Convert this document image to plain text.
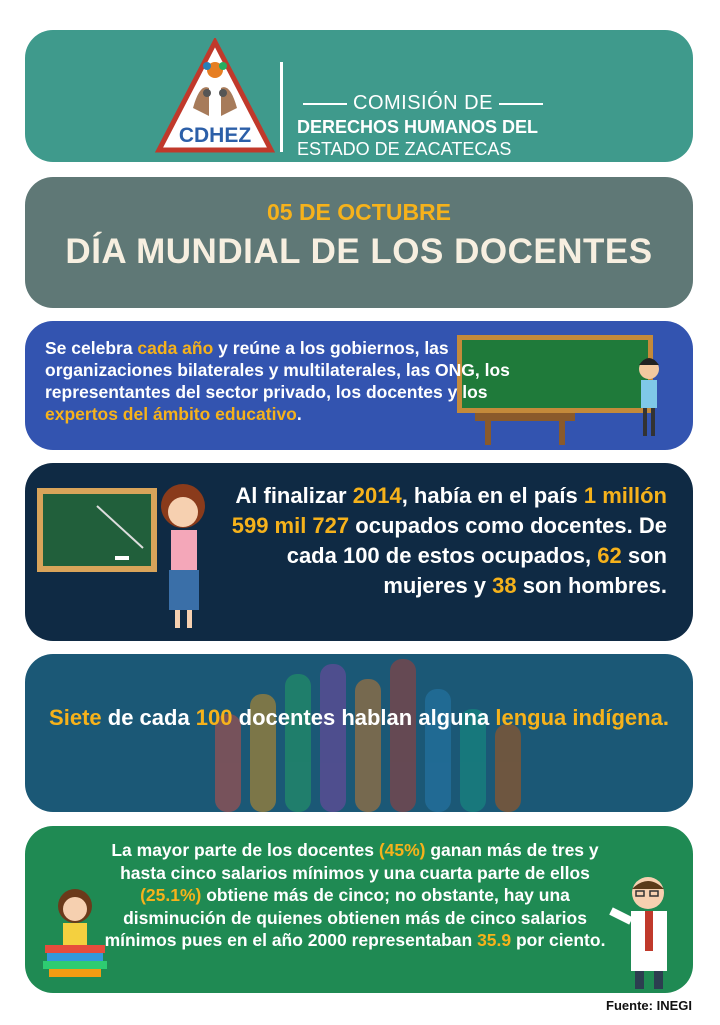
CDHEZ
COMISIÓN DE
DERECHOS HUMANOS DEL
ESTADO DE ZACATECAS
05 DE OCTUBRE
DÍA MUNDIAL DE LOS DOCENTES
Se celebra cada año y reúne a los gobiernos, las organizaciones bilaterales y multilaterales, las ONG, los representantes del sector privado, los docentes y los expertos del ámbito educativo.
Al finalizar 2014, había en el país 1 millón 599 mil 727 ocupados como docentes. De cada 100 de estos ocupados, 62 son mujeres y 38 son hombres.
Siete de cada 100 docentes hablan alguna lengua indígena.
La mayor parte de los docentes (45%) ganan más de tres y hasta cinco salarios mínimos y una cuarta parte de ellos (25.1%) obtiene más de cinco; no obstante, hay una disminución de quienes obtienen más de cinco salarios mínimos pues en el año 2000 representaban 35.9 por ciento.
Fuente: INEGI
